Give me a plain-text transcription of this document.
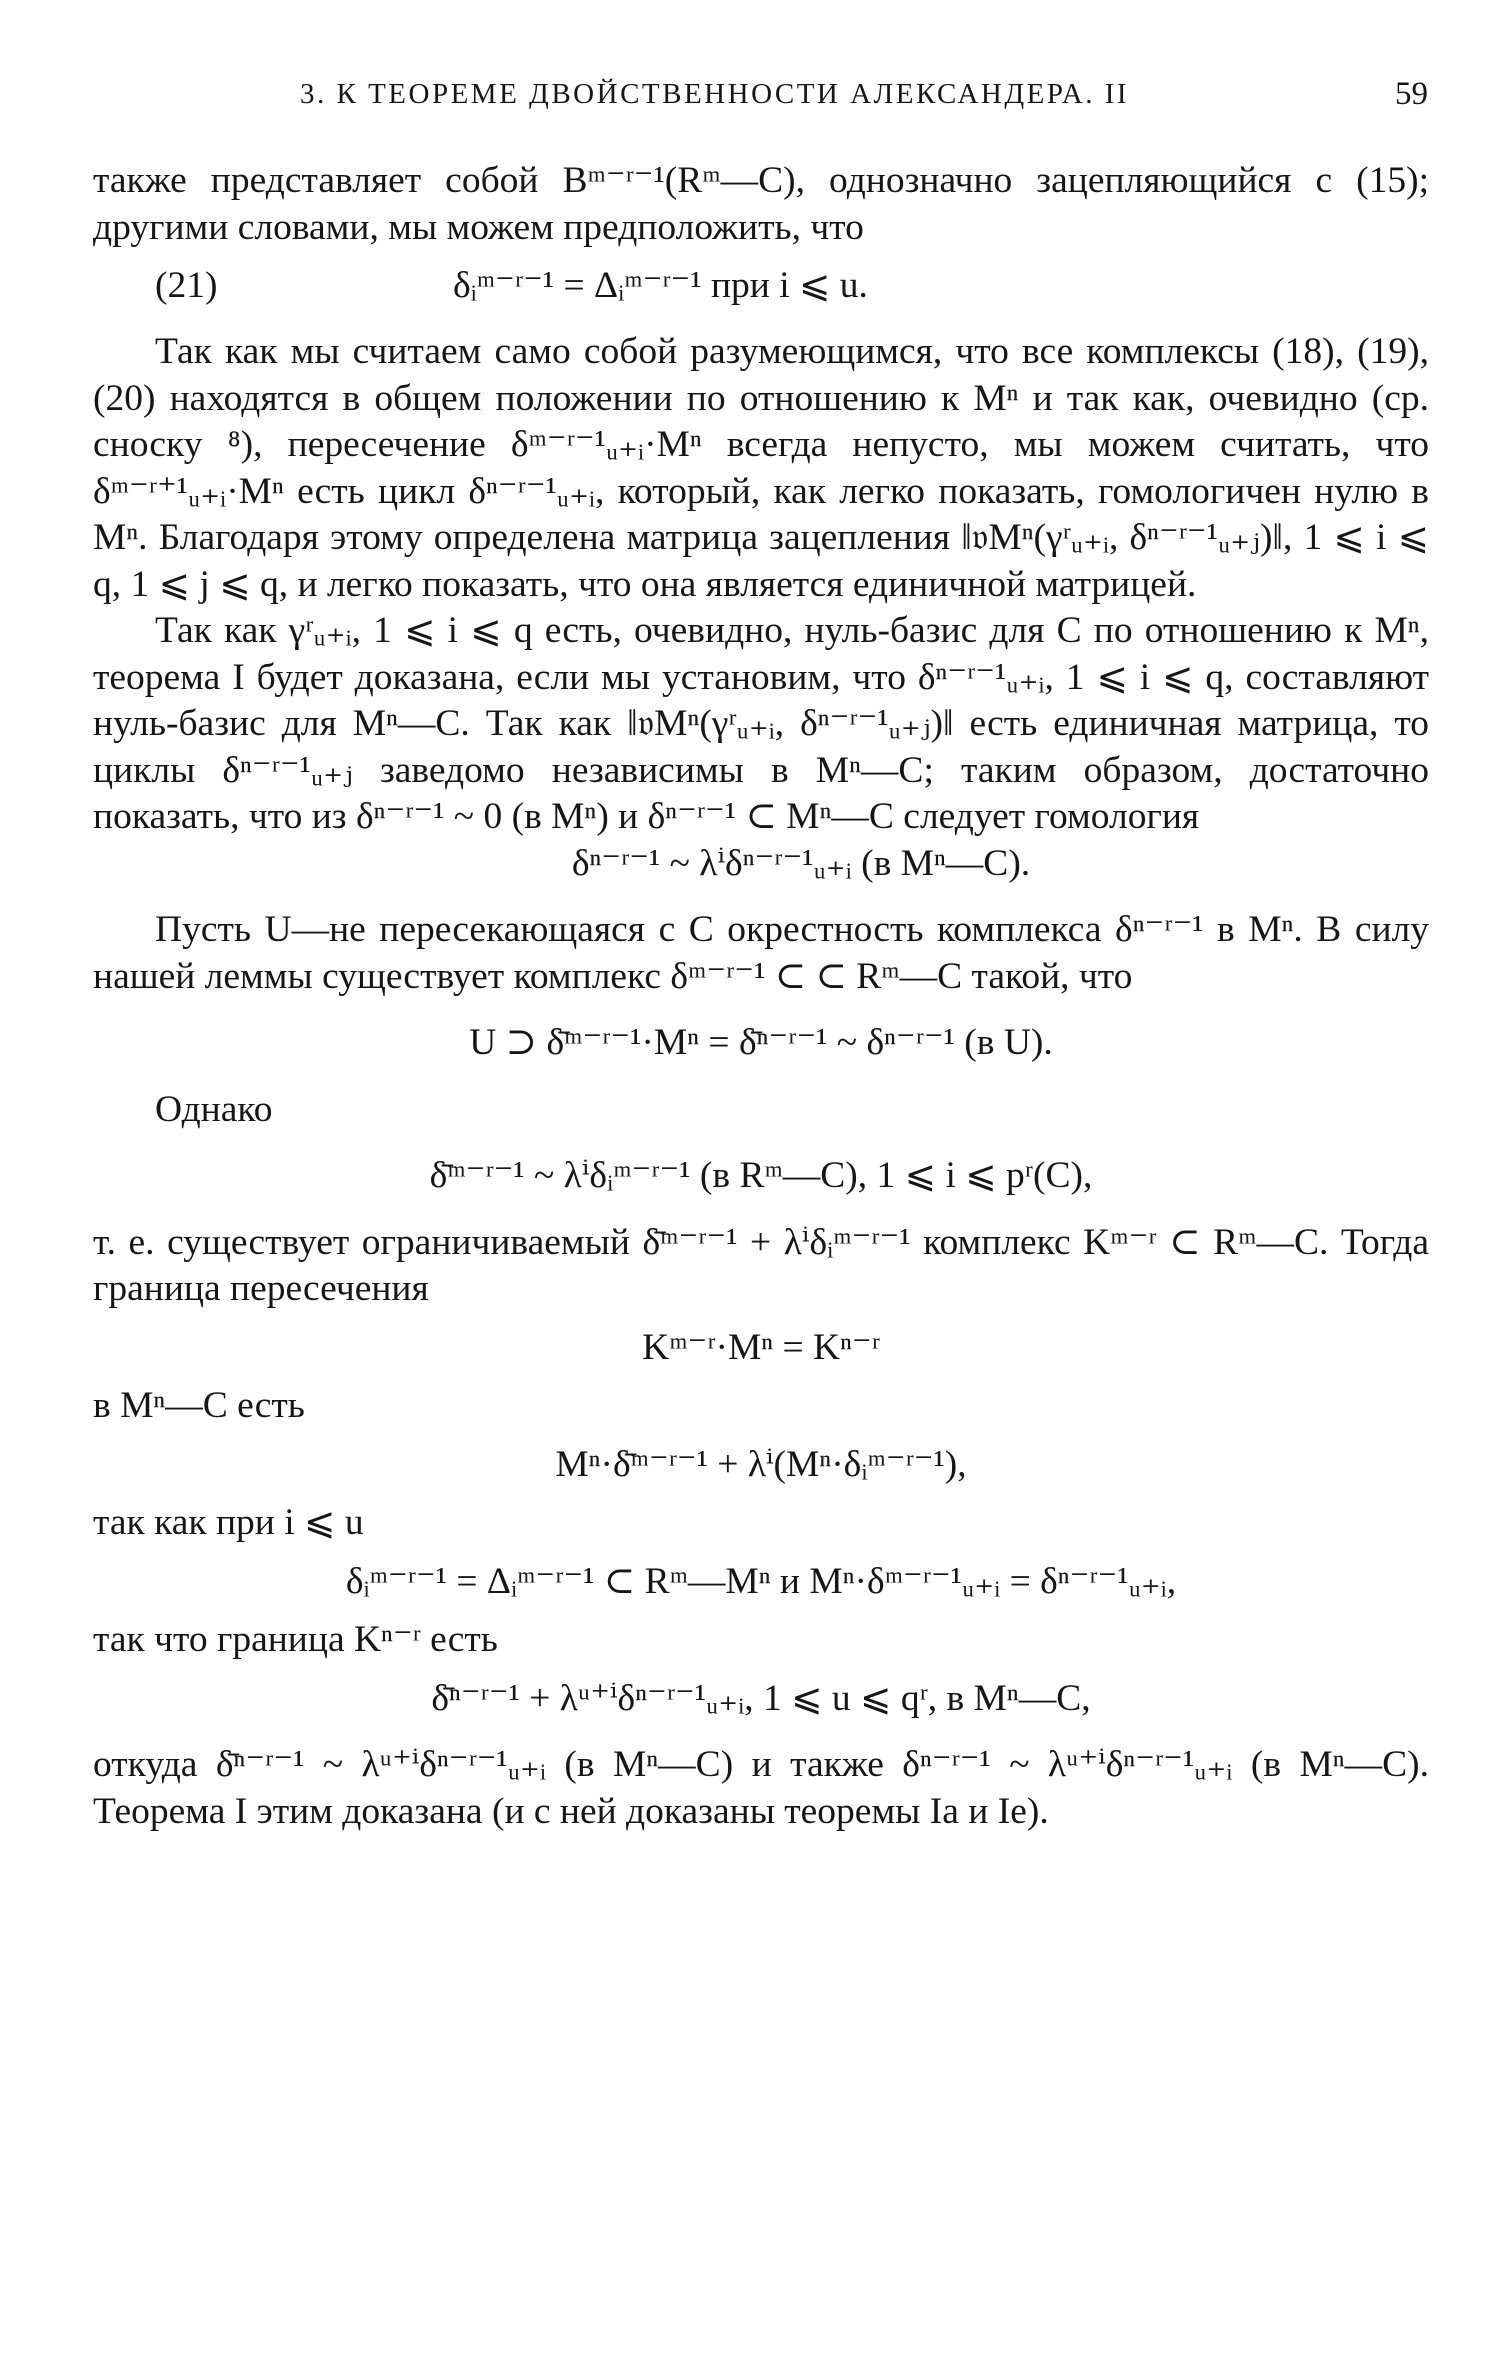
3. К ТЕОРЕМЕ ДВОЙСТВЕННОСТИ АЛЕКСАНДЕРА. II	59

также представляет собой Bᵐ⁻ʳ⁻¹(Rᵐ—C), однозначно зацепляющийся с (15); другими словами, мы можем предположить, что

(21)	δᵢᵐ⁻ʳ⁻¹ = Δᵢᵐ⁻ʳ⁻¹ при i ⩽ u.

Так как мы считаем само собой разумеющимся, что все комплексы (18), (19), (20) находятся в общем положении по отношению к Mⁿ и так как, очевидно (ср. сноску ⁸), пересечение δᵐ⁻ʳ⁻¹ᵤ₊ᵢ·Mⁿ всегда непусто, мы можем считать, что δᵐ⁻ʳ⁺¹ᵤ₊ᵢ·Mⁿ есть цикл δⁿ⁻ʳ⁻¹ᵤ₊ᵢ, который, как легко показать, гомологичен нулю в Mⁿ. Благодаря этому определена матрица зацепления ‖𝔳Mⁿ(γʳᵤ₊ᵢ, δⁿ⁻ʳ⁻¹ᵤ₊ⱼ)‖, 1 ⩽ i ⩽ q, 1 ⩽ j ⩽ q, и легко показать, что она является единичной матрицей.

Так как γʳᵤ₊ᵢ, 1 ⩽ i ⩽ q есть, очевидно, нуль-базис для C по отношению к Mⁿ, теорема I будет доказана, если мы установим, что δⁿ⁻ʳ⁻¹ᵤ₊ᵢ, 1 ⩽ i ⩽ q, составляют нуль-базис для Mⁿ—C. Так как ‖𝔳Mⁿ(γʳᵤ₊ᵢ, δⁿ⁻ʳ⁻¹ᵤ₊ⱼ)‖ есть единичная матрица, то циклы δⁿ⁻ʳ⁻¹ᵤ₊ⱼ заведомо независимы в Mⁿ—C; таким образом, достаточно показать, что из δⁿ⁻ʳ⁻¹ ~ 0 (в Mⁿ) и δⁿ⁻ʳ⁻¹ ⊂ Mⁿ—C следует гомология

δⁿ⁻ʳ⁻¹ ~ λⁱδⁿ⁻ʳ⁻¹ᵤ₊ᵢ (в Mⁿ—C).

Пусть U—не пересекающаяся с C окрестность комплекса δⁿ⁻ʳ⁻¹ в Mⁿ. В силу нашей леммы существует комплекс δᵐ⁻ʳ⁻¹ ⊂ ⊂ Rᵐ—C такой, что

U ⊃ δ̄ᵐ⁻ʳ⁻¹·Mⁿ = δ̄ⁿ⁻ʳ⁻¹ ~ δⁿ⁻ʳ⁻¹ (в U).

Однако

δ̄ᵐ⁻ʳ⁻¹ ~ λⁱδᵢᵐ⁻ʳ⁻¹ (в Rᵐ—C), 1 ⩽ i ⩽ pʳ(C),

т. е. существует ограничиваемый δ̄ᵐ⁻ʳ⁻¹ + λⁱδᵢᵐ⁻ʳ⁻¹ комплекс Kᵐ⁻ʳ ⊂ Rᵐ—C. Тогда граница пересечения

Kᵐ⁻ʳ·Mⁿ = Kⁿ⁻ʳ

в Mⁿ—C есть

Mⁿ·δ̄ᵐ⁻ʳ⁻¹ + λⁱ(Mⁿ·δᵢᵐ⁻ʳ⁻¹),

так как при i ⩽ u

δᵢᵐ⁻ʳ⁻¹ = Δᵢᵐ⁻ʳ⁻¹ ⊂ Rᵐ—Mⁿ и Mⁿ·δᵐ⁻ʳ⁻¹ᵤ₊ᵢ = δⁿ⁻ʳ⁻¹ᵤ₊ᵢ,

так что граница Kⁿ⁻ʳ есть

δ̄ⁿ⁻ʳ⁻¹ + λᵘ⁺ⁱδⁿ⁻ʳ⁻¹ᵤ₊ᵢ, 1 ⩽ u ⩽ qʳ, в Mⁿ—C,

откуда δ̄ⁿ⁻ʳ⁻¹ ~ λᵘ⁺ⁱδⁿ⁻ʳ⁻¹ᵤ₊ᵢ (в Mⁿ—C) и также δⁿ⁻ʳ⁻¹ ~ λᵘ⁺ⁱδⁿ⁻ʳ⁻¹ᵤ₊ᵢ (в Mⁿ—C). Теорема I этим доказана (и с ней доказаны теоремы Ia и Ie).
